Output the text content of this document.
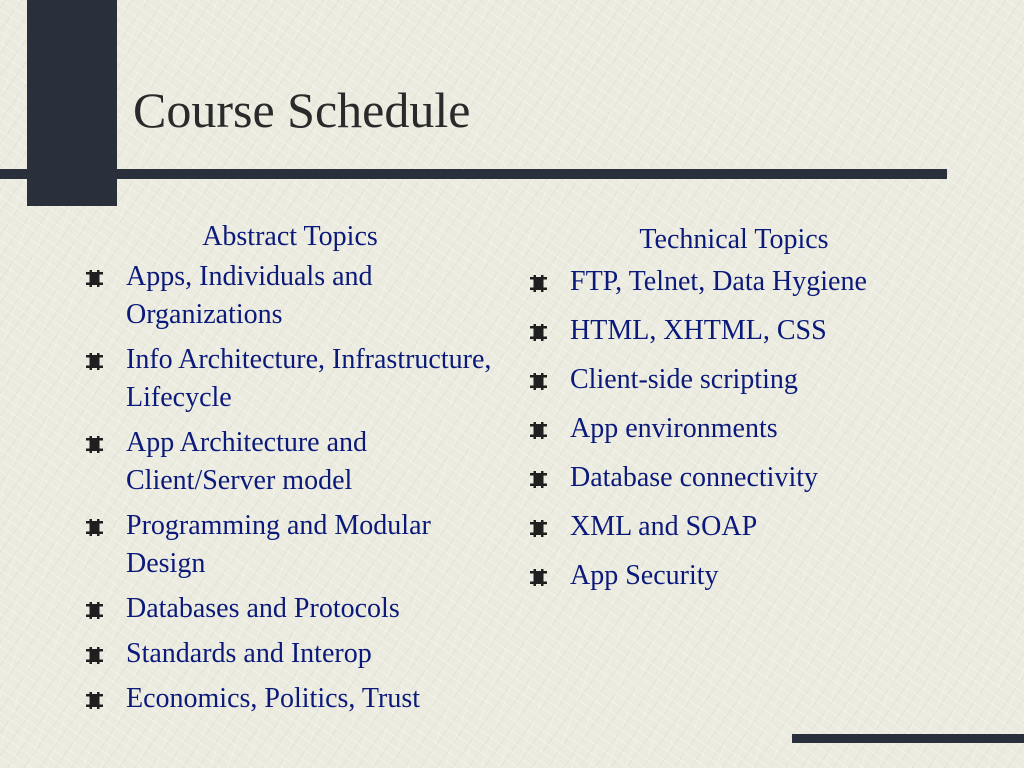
Course Schedule
Abstract Topics
Apps, Individuals and Organizations
Info Architecture, Infrastructure, Lifecycle
App Architecture and Client/Server model
Programming and Modular Design
Databases and Protocols
Standards and Interop
Economics, Politics, Trust
Technical Topics
FTP, Telnet, Data Hygiene
HTML, XHTML, CSS
Client-side scripting
App environments
Database connectivity
XML and SOAP
App Security
